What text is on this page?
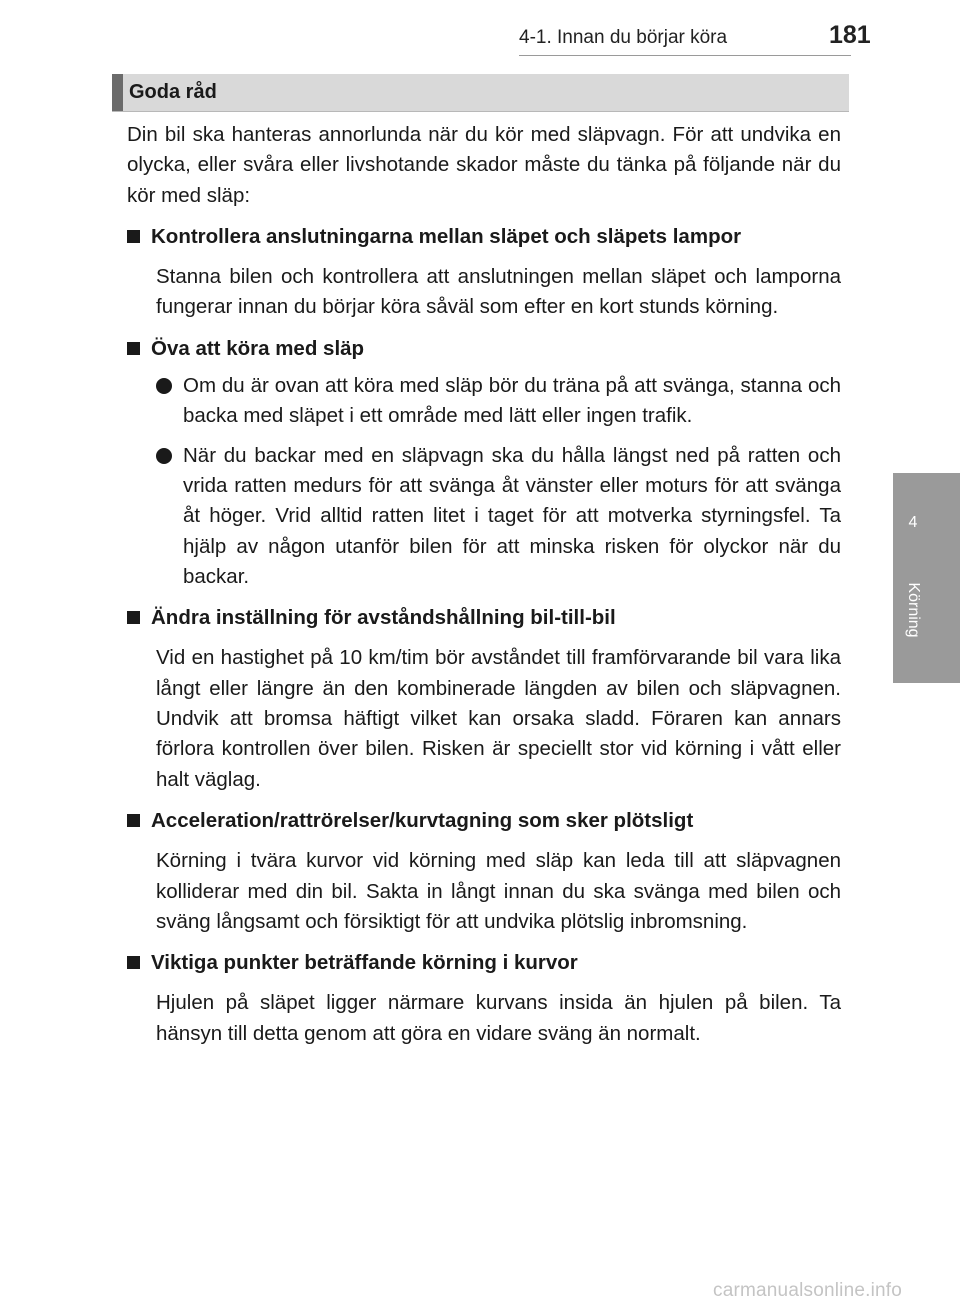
4-1. Innan du börjar köra	181
4
Körning
Goda råd

Din bil ska hanteras annorlunda när du kör med släpvagn. För att undvika en olycka, eller svåra eller livshotande skador måste du tänka på följande när du kör med släp:

Kontrollera anslutningarna mellan släpet och släpets lampor

Stanna bilen och kontrollera att anslutningen mellan släpet och lamporna fungerar innan du börjar köra såväl som efter en kort stunds körning.

Öva att köra med släp

Om du är ovan att köra med släp bör du träna på att svänga, stanna och backa med släpet i ett område med lätt eller ingen trafik.
När du backar med en släpvagn ska du hålla längst ned på ratten och vrida ratten medurs för att svänga åt vänster eller moturs för att svänga åt höger. Vrid alltid ratten litet i taget för att motverka styrningsfel. Ta hjälp av någon utanför bilen för att minska risken för olyckor när du backar.

Ändra inställning för avståndshållning bil-till-bil

Vid en hastighet på 10 km/tim bör avståndet till framförvarande bil vara lika långt eller längre än den kombinerade längden av bilen och släpvagnen. Undvik att bromsa häftigt vilket kan orsaka sladd. Föraren kan annars förlora kontrollen över bilen. Risken är speciellt stor vid körning i vått eller halt väglag.

Acceleration/rattrörelser/kurvtagning som sker plötsligt

Körning i tvära kurvor vid körning med släp kan leda till att släpvagnen kolliderar med din bil. Sakta in långt innan du ska svänga med bilen och sväng långsamt och försiktigt för att undvika plötslig inbromsning.

Viktiga punkter beträffande körning i kurvor

Hjulen på släpet ligger närmare kurvans insida än hjulen på bilen. Ta hänsyn till detta genom att göra en vidare sväng än normalt.

carmanualsonline.info
